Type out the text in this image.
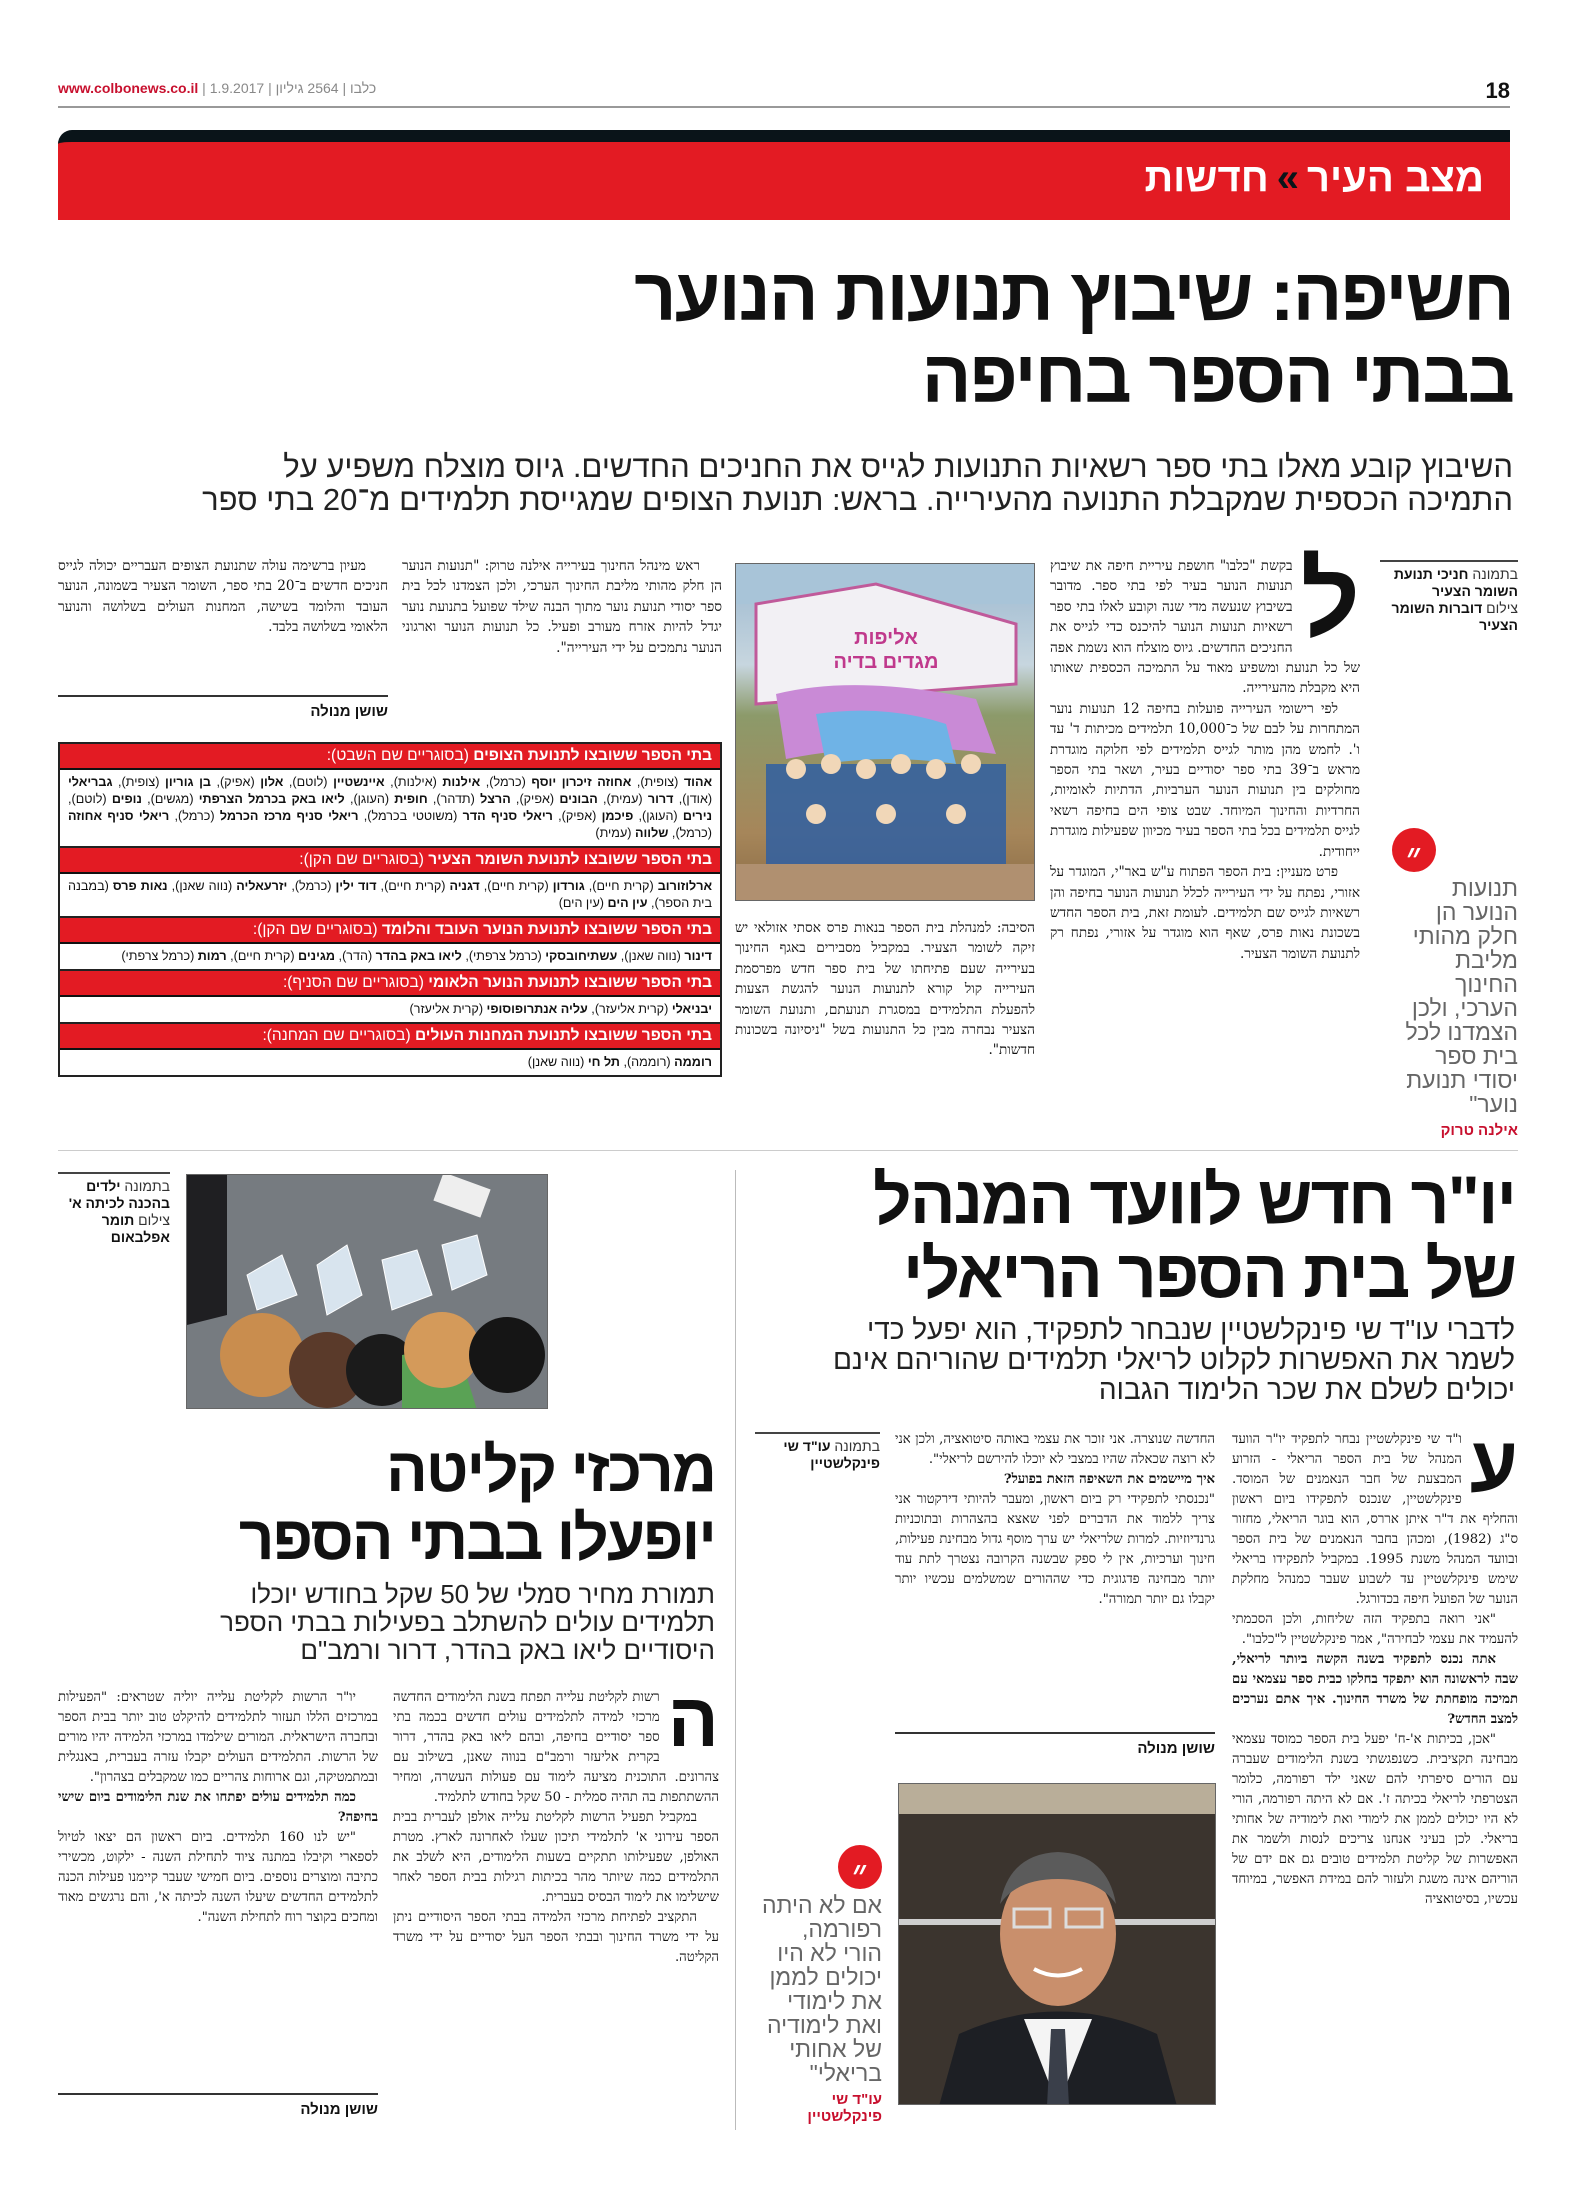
www.colbonews.co.il | כלבו | 2564 גיליון | 1.9.2017	18
מצב העיר»חדשות
חשיפה: שיבוץ תנועות הנוער
בבתי הספר בחיפה
השיבוץ קובע מאלו בתי ספר רשאיות התנועות לגייס את החניכים החדשים. גיוס מוצלח משפיע על
התמיכה הכספית שמקבלת התנועה מהעירייה. בראש: תנועת הצופים שמגייסת תלמידים מ־20 בתי ספר
בתמונה חניכי תנועת השומר הצעיר
צילום דוברות השומר הצעיר
״
תנועות הנוער הן חלק מהותי מליבת החינוך הערכי, ולכן הצמדנו לכל בית ספר יסודי תנועת נוער"
אילנה טרוק
ל

בקשת "כלבו" חושפת עיריית חיפה את שיבוץ תנועות הנוער בעיר לפי בתי ספר. מדובר בשיבוץ שנעשה מדי שנה וקובע לאלו בתי ספר רשאיות תנועות הנוער להיכנס כדי לגייס את החניכים החדשים. גיוס מוצלח הוא נשמת אפה של כל תנועת ומשפיע מאוד על התמיכה הכספית שאותו היא מקבלת מהעירייה.

לפי רישומי העירייה פועלות בחיפה 12 תנועות נוער המתחרות על לבם של כ־10,000 תלמידים מכיתות ד' עד ו'. לחמש מהן מותר לגייס תלמידים לפי חלוקה מוגדרת מראש ב־39 בתי ספר יסודיים בעיר, ושאר בתי הספר מחולקים בין תנועות הנוער הערביות, הדתיות לאומיות, החרדיות והחינוך המיוחד. שבט צופי הים בחיפה רשאי לגייס תלמידים בכל בתי הספר בעיר מכיוון שפעילות מוגדרת ייחודית.

פרט מעניין: בית הספר הפתוח ע"ש באר"י, המוגדר על אזורי, נפתח על ידי העירייה לכלל תנועות הנוער בחיפה והן רשאיות לגייס שם תלמידים. לעומת זאת, בית הספר החדש בשכונת נאות פרס, שאף הוא מוגדר על אזורי, נפתח רק לתנועת השומר הצעיר.

אליפות
מגדים בדיה

הסיבה: למנהלת בית הספר בנאות פרס אסתי אזולאי יש זיקה לשומר הצעיר. במקביל מסבירים באגף החינוך בעירייה שעם פתיחתו של בית ספר חדש מפרסמת העירייה קול קורא לתנועות הנוער להגשת הצעות להפעלת התלמידים במסגרת תנועתם, ותנועת השומר הצעיר נבחרה מבין כל התנועות בשל "ניסיונה בשכונות חדשות".

ראש מינהל החינוך בעירייה אילנה טרוק: "תנועות הנוער הן חלק מהותי מליבת החינוך הערכי, ולכן הצמדנו לכל בית ספר יסודי תנועת נוער מתוך הבנה שילד שפועל בתנועת נוער יגדל להיות אזרח מעורב ופעיל. כל תנועות הנוער וארגוני הנוער נתמכים על ידי העירייה".

מעיון ברשימה עולה שתנועת הצופים העבריים יכולה לגייס חניכים חדשים ב־20 בתי ספר, השומר הצעיר בשמונה, הנוער העובד והלומד בשישה, המחנות העולים בשלושה והנוער הלאומי בשלושה בלבד.

שושן מנולה
בתי הספר ששובצו לתנועת הצופים (בסוגריים שם השבט):
אהוד (צופית), אחוזה זיכרון יוסף (כרמל), אילנות (אילנות), איינשטיין (לוטם), אלון (אפיק), בן גוריון (צופית), גבריאלי (אודן), דרור (עמית), הבונים (אפיק), הרצל (תדהר), חופית (העוגן), ליאו באק בכרמל הצרפתי (מגשים), נופים (לוטם), נירים (העוגן), פיכמן (אפיק), ריאלי סניף הדר (משוטטי בכרמל), ריאלי סניף מרכז הכרמל (כרמל), ריאלי סניף אחוזה (כרמל), שלווה (עמית)
בתי הספר ששובצו לתנועת השומר הצעיר (בסוגריים שם הקן):
ארלוזורוב (קרית חיים), גורדון (קרית חיים), דגניה (קרית חיים), דוד ילין (כרמל), יזרעאליה (נווה שאנן), נאות פרס (במבנה בית הספר), עין הים (עין הים)
בתי הספר ששובצו לתנועת הנוער העובד והלומד (בסוגריים שם הקן):
דינור (נווה שאנן), עשתיחובסקי (כרמל צרפתי), ליאו באק בהדר (הדר), מגינים (קרית חיים), רמות (כרמל צרפתי)
בתי הספר ששובצו לתנועת הנוער הלאומי (בסוגריים שם הסניף):
יבניאלי (קרית אליעזר), עליה אנתרופוסופי (קרית אליעזר)
בתי הספר ששובצו לתנועת המחנות העולים (בסוגריים שם המחנה):
רוממה (רוממה), תל חי (נווה שאנן)
יו"ר חדש לוועד המנהל
של בית הספר הריאלי
לדברי עו"ד שי פינקלשטיין שנבחר לתפקיד, הוא יפעל כדי
לשמר את האפשרות לקלוט לריאלי תלמידים שהוריהם אינם
יכולים לשלם את שכר הלימוד הגבוה
ע

ו"ד שי פינקלשטיין נבחר לתפקיד יו"ר הוועד המנהל של בית הספר הריאלי - הזרוע המבצעת של חבר הנאמנים של המוסד. פינקלשטיין, שנכנס לתפקידו ביום ראשון והחליף את ד"ר איתן אררס, הוא בוגר הריאלי, מחזור ס"ג (1982), ומכהן בחבר הנאמנים של בית הספר ובוועד המנהל משנת 1995. במקביל לתפקידו בריאלי שימש פינקלשטיין עד לשבוע שעבר כמנהל מחלקת הנוער של הפועל חיפה בכדורגל.

"אני רואה בתפקיד הזה שליחות, ולכן הסכמתי להעמיד את עצמי לבחירה", אמר פינקלשטיין ל"כלבו".

אתה נכנס לתפקיד בשנה הקשה ביותר לריאלי, שבה לראשונה הוא יתפקד בחלקו כבית ספר עצמאי עם תמיכה מופחתת של משרד החינוך. איך אתם נערכים למצב החדש?

"אכן, בכיתות א'-ח' יפעל בית הספר כמוסד עצמאי מבחינה תקציבית. כשנפגשתי בשנת הלימודים שעברה עם הורים סיפרתי להם שאני ילד רפורמה, כלומר הצטרפתי לריאלי בכיתה ז'. אם לא היתה רפורמה, הורי לא היו יכולים לממן את לימודי ואת לימודיה של אחותי בריאלי. לכן בעיני אנחנו צריכים לנסות ולשמר את האפשרות של קליטת תלמידים טובים גם אם ידם של הוריהם אינה משגת ולעזור להם במידת האפשר, במיוחד עכשיו, בסיטואציה

החדשה שנוצרה. אני זוכר את עצמי באותה סיטואציה, ולכן אני לא רוצה שכאלה שהיו במצבי לא יוכלו להירשם לריאלי".

איך מיישמים את השאיפה הזאת בפועל?

"נכנסתי לתפקידי רק ביום ראשון, ומעבר להיותי דירקטור אני צריך ללמוד את הדברים לפני שאצא בהצהרות ובתוכניות גרנדיוזיות. למרות שלריאלי יש ערך מוסף גדול מבחינת פעילות, חינוך וערכיות, אין לי ספק שבשנה הקרובה נצטרך לתת עוד יותר מבחינה פדגוגית כדי שההורים שמשלמים עכשיו יותר יקבלו גם יותר תמורה".

שושן מנולה
בתמונה עו"ד שי פינקלשטיין
״
אם לא היתה רפורמה, הורי לא היו יכולים לממן את לימודי ואת לימודיה של אחותי בריאלי"
עו"ד שי פינקלשטיין
בתמונה ילדים בהכנה לכיתה א'
צילום תומר אפלבאום
מרכזי קליטה
יופעלו בבתי הספר
תמורת מחיר סמלי של 50 שקל בחודש יוכלו
תלמידים עולים להשתלב בפעילות בבתי הספר
היסודיים ליאו באק בהדר, דרור ורמב"ם
ה

רשות לקליטת עלייה תפתח בשנת הלימודים החדשה מרכזי למידה לתלמידים עולים חדשים בכמה בתי ספר יסודיים בחיפה, ובהם ליאו באק בהדר, דרור בקרית אליעזר ורמב"ם בנווה שאנן, בשילוב עם צהרונים. התוכנית מציעה לימוד עם פעולות העשרה, ומחיר ההשתתפות בה תהיה סמלית - 50 שקל בחודש לתלמיד.

במקביל תפעיל הרשות לקליטת עלייה אולפן לעברית בבית הספר עירוני א' לתלמידי תיכון שעלו לאחרונה לארץ. מטרת האולפן, שפעילותו תתקיים בשעות הלימודים, היא לשלב את התלמידים כמה שיותר מהר בכיתות רגילות בבית הספר לאחר שישלימו את לימוד הבסיס בעברית.

התקציב לפתיחת מרכזי הלמידה בבתי הספר היסודיים ניתן על ידי משרד החינוך ובבתי הספר העל יסודיים על ידי משרד הקליטה.

יו"ר הרשות לקליטת עלייה יוליה שטראים: "הפעילות במרכזים הללו תעזור לתלמידים להיקלט טוב יותר בבית הספר ובחברה הישראלית. המורים שילמדו במרכזי הלמידה יהיו מורים של הרשות. התלמידים העולים יקבלו עזרה בעברית, באנגלית ובמתמטיקה, וגם ארוחות צהריים כמו שמקבלים בצהרון".

כמה תלמידים עולים יפתחו את שנת הלימודים ביום שישי בחיפה?

"יש לנו 160 תלמידים. ביום ראשון הם יצאו לטיול לספארי וקיבלו במתנה ציוד לתחילת השנה - ילקוט, מכשירי כתיבה ומוצרים נוספים. ביום חמישי שעבר קיימנו פעילות הכנה לתלמידים החדשים שיעלו השנה לכיתה א', והם נרגשים מאוד ומחכים בקוצר רוח לתחילת השנה".

שושן מנולה
